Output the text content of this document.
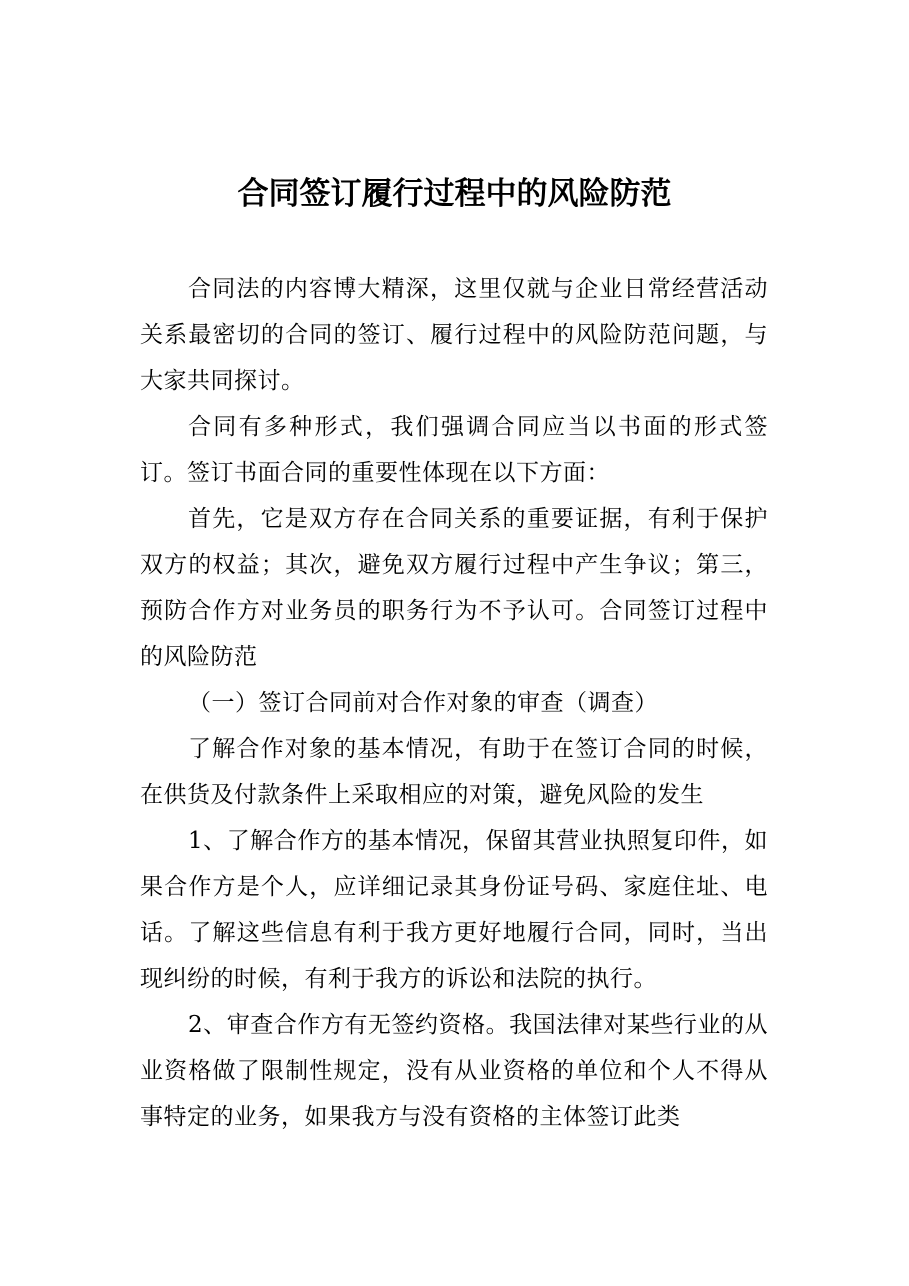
合同签订履行过程中的风险防范

合同法的内容博大精深，这里仅就与企业日常经营活动关系最密切的合同的签订、履行过程中的风险防范问题，与大家共同探讨。

合同有多种形式，我们强调合同应当以书面的形式签订。签订书面合同的重要性体现在以下方面：

首先，它是双方存在合同关系的重要证据，有利于保护双方的权益；其次，避免双方履行过程中产生争议；第三，预防合作方对业务员的职务行为不予认可。合同签订过程中的风险防范

（一）签订合同前对合作对象的审查（调查）

了解合作对象的基本情况，有助于在签订合同的时候，在供货及付款条件上采取相应的对策，避免风险的发生

1、了解合作方的基本情况，保留其营业执照复印件，如果合作方是个人，应详细记录其身份证号码、家庭住址、电话。了解这些信息有利于我方更好地履行合同，同时，当出现纠纷的时候，有利于我方的诉讼和法院的执行。

2、审查合作方有无签约资格。我国法律对某些行业的从业资格做了限制性规定，没有从业资格的单位和个人不得从事特定的业务，如果我方与没有资格的主体签订此类
